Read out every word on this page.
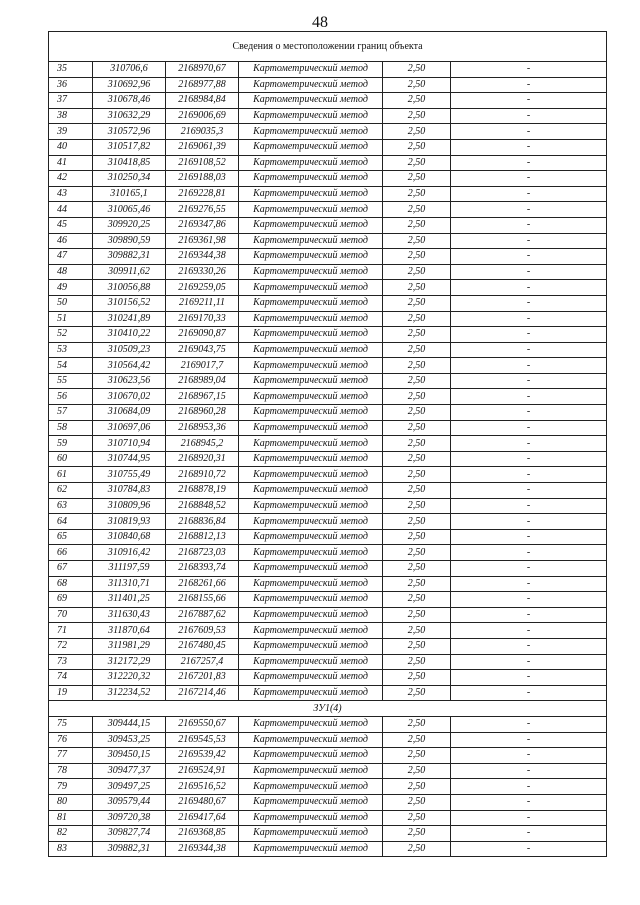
48
Сведения о местоположении границ объекта					
35	310706,6	2168970,67	Картометрический метод	2,50	-
36	310692,96	2168977,88	Картометрический метод	2,50	-
37	310678,46	2168984,84	Картометрический метод	2,50	-
38	310632,29	2169006,69	Картометрический метод	2,50	-
39	310572,96	2169035,3	Картометрический метод	2,50	-
40	310517,82	2169061,39	Картометрический метод	2,50	-
41	310418,85	2169108,52	Картометрический метод	2,50	-
42	310250,34	2169188,03	Картометрический метод	2,50	-
43	310165,1	2169228,81	Картометрический метод	2,50	-
44	310065,46	2169276,55	Картометрический метод	2,50	-
45	309920,25	2169347,86	Картометрический метод	2,50	-
46	309890,59	2169361,98	Картометрический метод	2,50	-
47	309882,31	2169344,38	Картометрический метод	2,50	-
48	309911,62	2169330,26	Картометрический метод	2,50	-
49	310056,88	2169259,05	Картометрический метод	2,50	-
50	310156,52	2169211,11	Картометрический метод	2,50	-
51	310241,89	2169170,33	Картометрический метод	2,50	-
52	310410,22	2169090,87	Картометрический метод	2,50	-
53	310509,23	2169043,75	Картометрический метод	2,50	-
54	310564,42	2169017,7	Картометрический метод	2,50	-
55	310623,56	2168989,04	Картометрический метод	2,50	-
56	310670,02	2168967,15	Картометрический метод	2,50	-
57	310684,09	2168960,28	Картометрический метод	2,50	-
58	310697,06	2168953,36	Картометрический метод	2,50	-
59	310710,94	2168945,2	Картометрический метод	2,50	-
60	310744,95	2168920,31	Картометрический метод	2,50	-
61	310755,49	2168910,72	Картометрический метод	2,50	-
62	310784,83	2168878,19	Картометрический метод	2,50	-
63	310809,96	2168848,52	Картометрический метод	2,50	-
64	310819,93	2168836,84	Картометрический метод	2,50	-
65	310840,68	2168812,13	Картометрический метод	2,50	-
66	310916,42	2168723,03	Картометрический метод	2,50	-
67	311197,59	2168393,74	Картометрический метод	2,50	-
68	311310,71	2168261,66	Картометрический метод	2,50	-
69	311401,25	2168155,66	Картометрический метод	2,50	-
70	311630,43	2167887,62	Картометрический метод	2,50	-
71	311870,64	2167609,53	Картометрический метод	2,50	-
72	311981,29	2167480,45	Картометрический метод	2,50	-
73	312172,29	2167257,4	Картометрический метод	2,50	-
74	312220,32	2167201,83	Картометрический метод	2,50	-
19	312234,52	2167214,46	Картометрический метод	2,50	-
ЗУ1(4)					
75	309444,15	2169550,67	Картометрический метод	2,50	-
76	309453,25	2169545,53	Картометрический метод	2,50	-
77	309450,15	2169539,42	Картометрический метод	2,50	-
78	309477,37	2169524,91	Картометрический метод	2,50	-
79	309497,25	2169516,52	Картометрический метод	2,50	-
80	309579,44	2169480,67	Картометрический метод	2,50	-
81	309720,38	2169417,64	Картометрический метод	2,50	-
82	309827,74	2169368,85	Картометрический метод	2,50	-
83	309882,31	2169344,38	Картометрический метод	2,50	-
